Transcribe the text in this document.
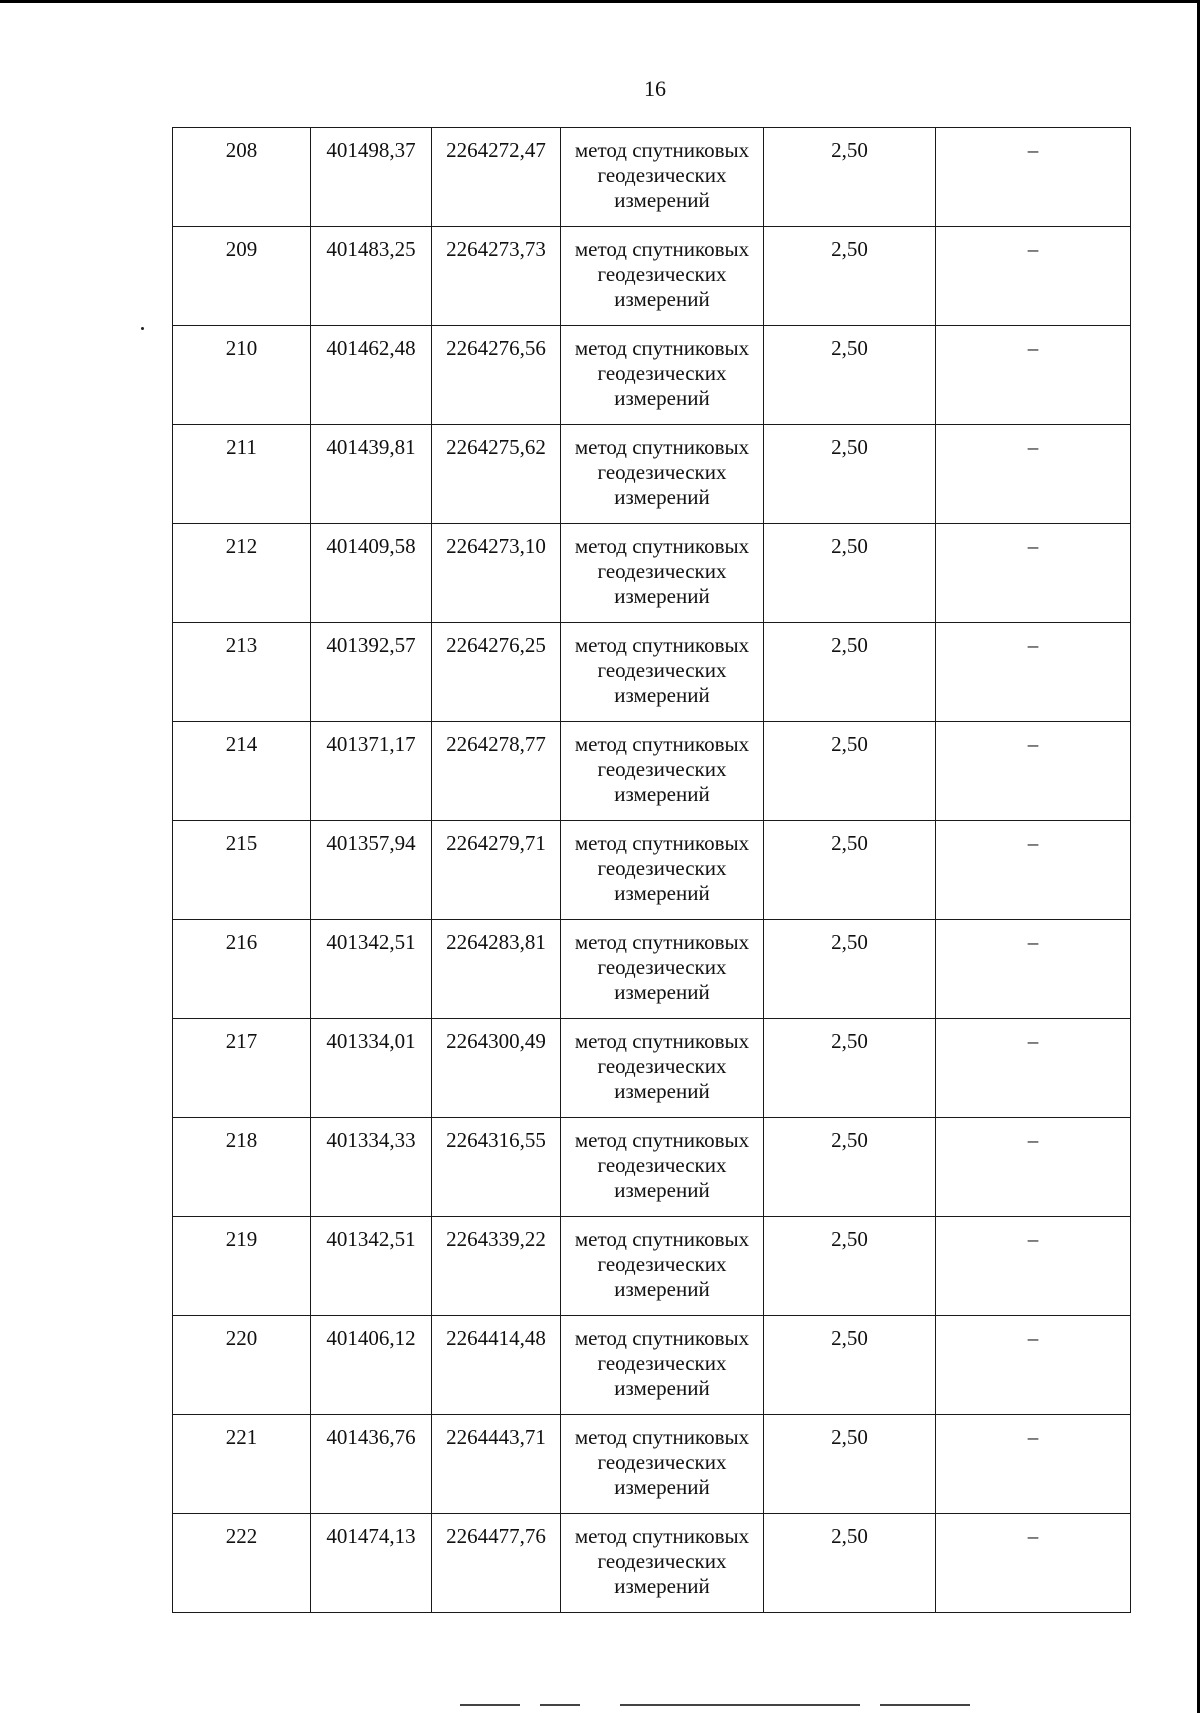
16
208	401498,37	2264272,47	метод спутниковых геодезических измерений	2,50	–
209	401483,25	2264273,73	метод спутниковых геодезических измерений	2,50	–
210	401462,48	2264276,56	метод спутниковых геодезических измерений	2,50	–
211	401439,81	2264275,62	метод спутниковых геодезических измерений	2,50	–
212	401409,58	2264273,10	метод спутниковых геодезических измерений	2,50	–
213	401392,57	2264276,25	метод спутниковых геодезических измерений	2,50	–
214	401371,17	2264278,77	метод спутниковых геодезических измерений	2,50	–
215	401357,94	2264279,71	метод спутниковых геодезических измерений	2,50	–
216	401342,51	2264283,81	метод спутниковых геодезических измерений	2,50	–
217	401334,01	2264300,49	метод спутниковых геодезических измерений	2,50	–
218	401334,33	2264316,55	метод спутниковых геодезических измерений	2,50	–
219	401342,51	2264339,22	метод спутниковых геодезических измерений	2,50	–
220	401406,12	2264414,48	метод спутниковых геодезических измерений	2,50	–
221	401436,76	2264443,71	метод спутниковых геодезических измерений	2,50	–
222	401474,13	2264477,76	метод спутниковых геодезических измерений	2,50	–
